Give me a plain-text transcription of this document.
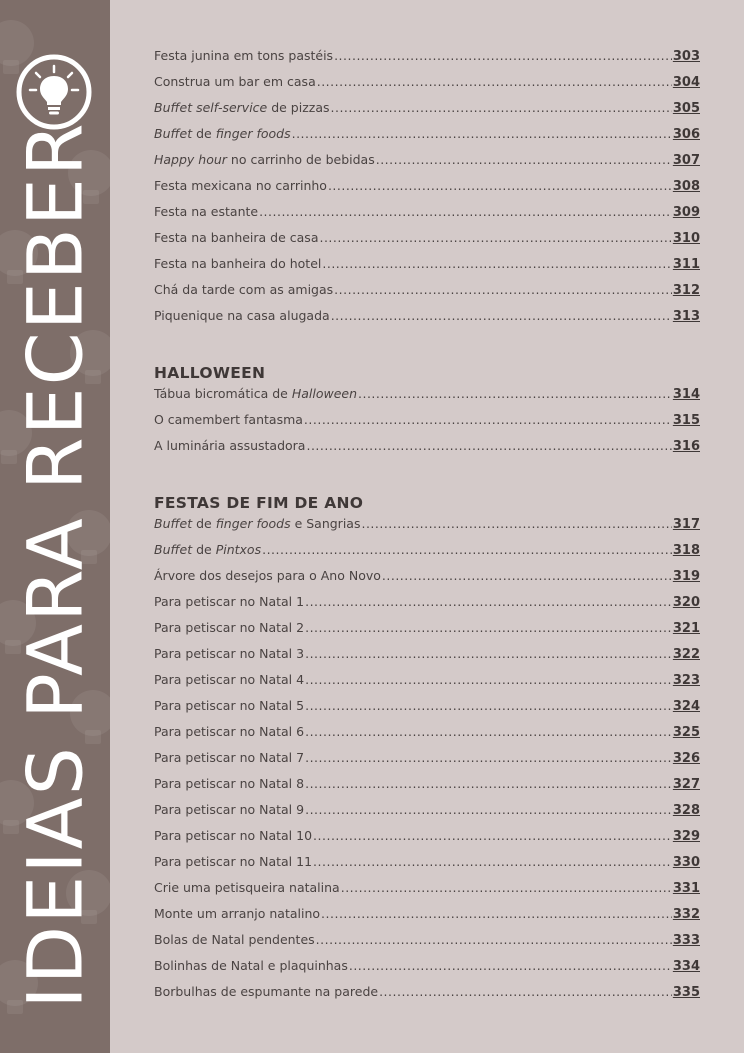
IDEIAS PARA RECEBER
Festa junina em tons pastéis .....	303
Construa um bar em casa .....	304
Buffet self-service de pizzas .....	305
Buffet de finger foods .....	306
Happy hour no carrinho de bebidas .....	307
Festa mexicana no carrinho .....	308
Festa na estante .....	309
Festa na banheira de casa .....	310
Festa na banheira do hotel .....	311
Chá da tarde com as amigas .....	312
Piquenique na casa alugada .....	313
HALLOWEEN
Tábua bicromática de Halloween .....	314
O camembert fantasma .....	315
A luminária assustadora .....	316
FESTAS DE FIM DE ANO
Buffet de finger foods e Sangrias .....	317
Buffet de Pintxos .....	318
Árvore dos desejos para o Ano Novo .....	319
Para petiscar no Natal 1 .....	320
Para petiscar no Natal 2 .....	321
Para petiscar no Natal 3 .....	322
Para petiscar no Natal 4 .....	323
Para petiscar no Natal 5 .....	324
Para petiscar no Natal 6 .....	325
Para petiscar no Natal 7 .....	326
Para petiscar no Natal 8 .....	327
Para petiscar no Natal 9 .....	328
Para petiscar no Natal 10 .....	329
Para petiscar no Natal 11 .....	330
Crie uma petisqueira natalina .....	331
Monte um arranjo natalino .....	332
Bolas de Natal pendentes .....	333
Bolinhas de Natal e plaquinhas .....	334
Borbulhas de espumante na parede .....	335
